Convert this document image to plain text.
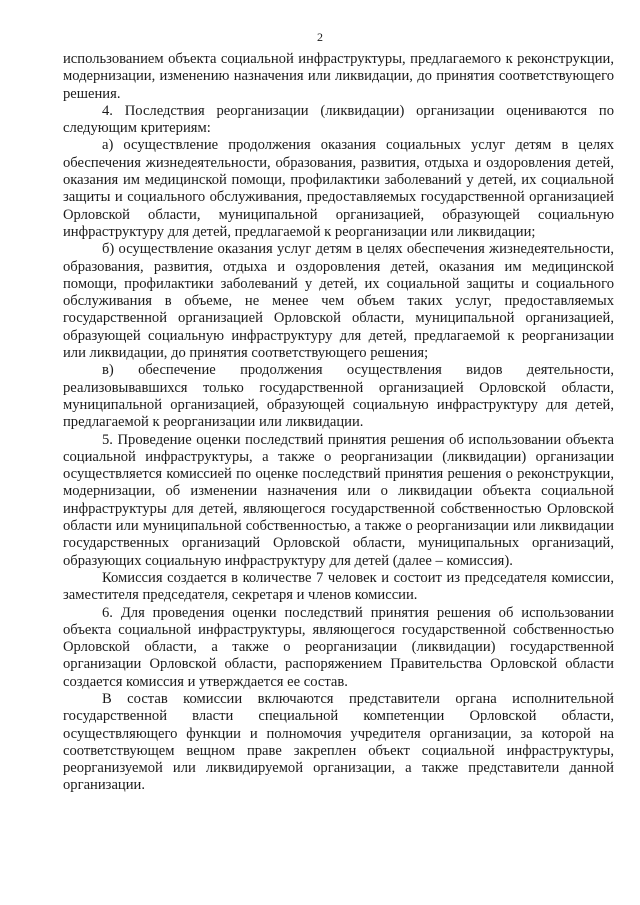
2

использованием объекта социальной инфраструктуры, предлагаемого к реконструкции, модернизации, изменению назначения или ликвидации, до принятия соответствующего решения.

4. Последствия реорганизации (ликвидации) организации оцениваются по следующим критериям:

а) осуществление продолжения оказания социальных услуг детям в целях обеспечения жизнедеятельности, образования, развития, отдыха и оздоровления детей, оказания им медицинской помощи, профилактики заболеваний у детей, их социальной защиты и социального обслуживания, предоставляемых государственной организацией Орловской области, муниципальной организацией, образующей социальную инфраструктуру для детей, предлагаемой к реорганизации или ликвидации;

б) осуществление оказания услуг детям в целях обеспечения жизнедеятельности, образования, развития, отдыха и оздоровления детей, оказания им медицинской помощи, профилактики заболеваний у детей, их социальной защиты и социального обслуживания в объеме, не менее чем объем таких услуг, предоставляемых государственной организацией Орловской области, муниципальной организацией, образующей социальную инфраструктуру для детей, предлагаемой к реорганизации или ликвидации, до принятия соответствующего решения;

в) обеспечение продолжения осуществления видов деятельности, реализовывавшихся только государственной организацией Орловской области, муниципальной организацией, образующей социальную инфраструктуру для детей, предлагаемой к реорганизации или ликвидации.

5. Проведение оценки последствий принятия решения об использовании объекта социальной инфраструктуры, а также о реорганизации (ликвидации) организации осуществляется комиссией по оценке последствий принятия решения о реконструкции, модернизации, об изменении назначения или о ликвидации объекта социальной инфраструктуры для детей, являющегося государственной собственностью Орловской области или муниципальной собственностью, а также о реорганизации или ликвидации государственных организаций Орловской области, муниципальных организаций, образующих социальную инфраструктуру для детей (далее – комиссия).

Комиссия создается в количестве 7 человек и состоит из председателя комиссии, заместителя председателя, секретаря и членов комиссии.

6. Для проведения оценки последствий принятия решения об использовании объекта социальной инфраструктуры, являющегося государственной собственностью Орловской области, а также о реорганизации (ликвидации) государственной организации Орловской области, распоряжением Правительства Орловской области создается комиссия и утверждается ее состав.

В состав комиссии включаются представители органа исполнительной государственной власти специальной компетенции Орловской области, осуществляющего функции и полномочия учредителя организации, за которой на соответствующем вещном праве закреплен объект социальной инфраструктуры, реорганизуемой или ликвидируемой организации, а также представители данной организации.
